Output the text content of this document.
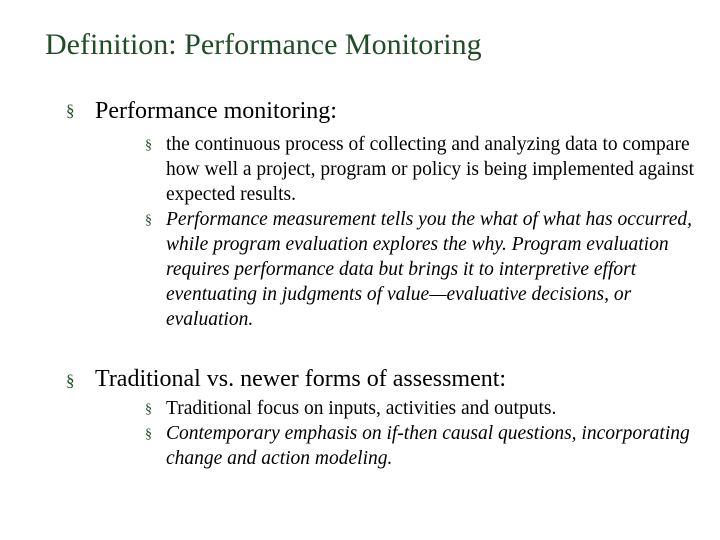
Definition: Performance Monitoring
§ Performance monitoring:
§ the continuous process of collecting and analyzing data to compare how well a project, program or policy is being implemented against expected results.
§ Performance measurement tells you the what of what has occurred, while program evaluation explores the why. Program evaluation requires performance data but brings it to interpretive effort eventuating in judgments of value—evaluative decisions, or evaluation.
§ Traditional vs. newer forms of assessment:
§ Traditional focus on inputs, activities and outputs.
§ Contemporary emphasis on if-then causal questions, incorporating change and action modeling.
